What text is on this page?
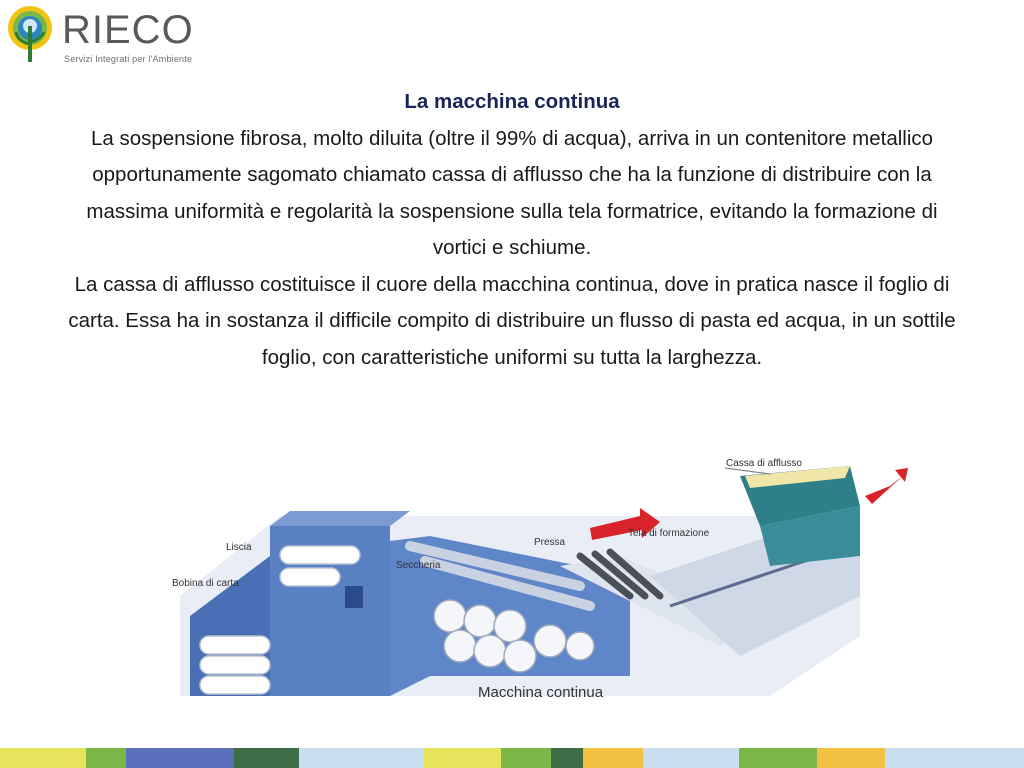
RIECO
Servizi Integrati per l'Ambiente
La macchina continua

La sospensione fibrosa, molto diluita (oltre il 99% di acqua), arriva in un contenitore metallico opportunamente sagomato chiamato cassa di afflusso che ha la funzione di distribuire con la massima uniformità e regolarità la sospensione sulla tela formatrice, evitando la formazione di vortici e schiume.

La cassa di afflusso costituisce il cuore della macchina continua, dove in pratica nasce il foglio di carta. Essa ha in sostanza il difficile compito di distribuire un flusso di pasta ed acqua, in un sottile foglio, con caratteristiche uniformi su tutta la larghezza.

Cassa di afflusso
Tela di formazione
Pressa
Seccheria
Liscia
Bobina di carta
Macchina continua
